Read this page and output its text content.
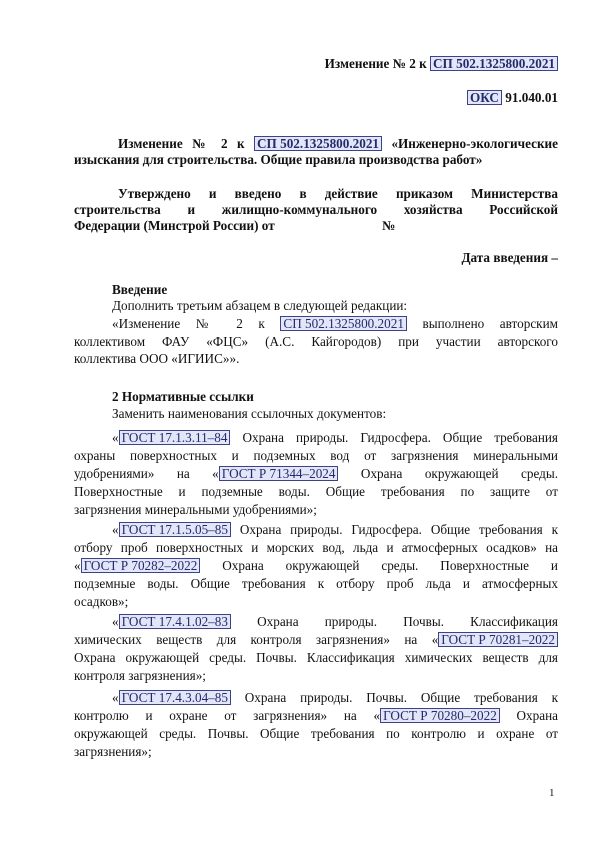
Изменение № 2 к СП 502.1325800.2021
ОКС 91.040.01
Изменение № 2 к СП 502.1325800.2021 «Инженерно-экологические
изыскания для строительства. Общие правила производства работ»
Утверждено и введено в действие приказом Министерства
строительства и жилищно-коммунального хозяйства Российской
Федерации (Минстрой России) от	№
Дата введения –
Введение
Дополнить третьим абзацем в следующей редакции:
«Изменение № 2 к СП 502.1325800.2021 выполнено авторским
коллективом ФАУ «ФЦС» (А.С. Кайгородов) при участии авторского
коллектива ООО «ИГИИС»».
2 Нормативные ссылки
Заменить наименования ссылочных документов:
« ГОСТ 17.1.3.11–84 Охрана природы. Гидросфера. Общие требования
охраны поверхностных и подземных вод от загрязнения минеральными
удобрениями» на « ГОСТ Р 71344–2024 Охрана окружающей среды.
Поверхностные и подземные воды. Общие требования по защите от
загрязнения минеральными удобрениями»;
« ГОСТ 17.1.5.05–85 Охрана природы. Гидросфера. Общие требования к
отбору проб поверхностных и морских вод, льда и атмосферных осадков» на
« ГОСТ Р 70282–2022 Охрана окружающей среды. Поверхностные и
подземные воды. Общие требования к отбору проб льда и атмосферных
осадков»;
« ГОСТ 17.4.1.02–83 Охрана природы. Почвы. Классификация
химических веществ для контроля загрязнения» на « ГОСТ Р 70281–2022
Охрана окружающей среды. Почвы. Классификация химических веществ для
контроля загрязнения»;
« ГОСТ 17.4.3.04–85 Охрана природы. Почвы. Общие требования к
контролю и охране от загрязнения» на « ГОСТ Р 70280–2022 Охрана
окружающей среды. Почвы. Общие требования по контролю и охране от
загрязнения»;
1
